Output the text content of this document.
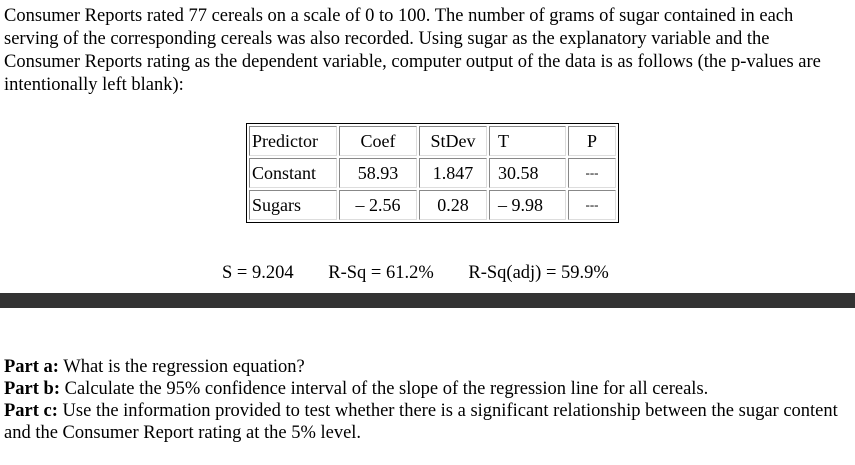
Consumer Reports rated 77 cereals on a scale of 0 to 100. The number of grams of sugar contained in each serving of the corresponding cereals was also recorded. Using sugar as the explanatory variable and the Consumer Reports rating as the dependent variable, computer output of the data is as follows (the p-values are intentionally left blank):

Predictor	Coef	StDev	T	P
Constant	58.93	1.847	30.58	---
Sugars	– 2.56	0.28	– 9.98	---
S = 9.204 R-Sq = 61.2% R-Sq(adj) = 59.9%

Part a: What is the regression equation?

Part b: Calculate the 95% confidence interval of the slope of the regression line for all cereals.

Part c: Use the information provided to test whether there is a significant relationship between the sugar content and the Consumer Report rating at the 5% level.
